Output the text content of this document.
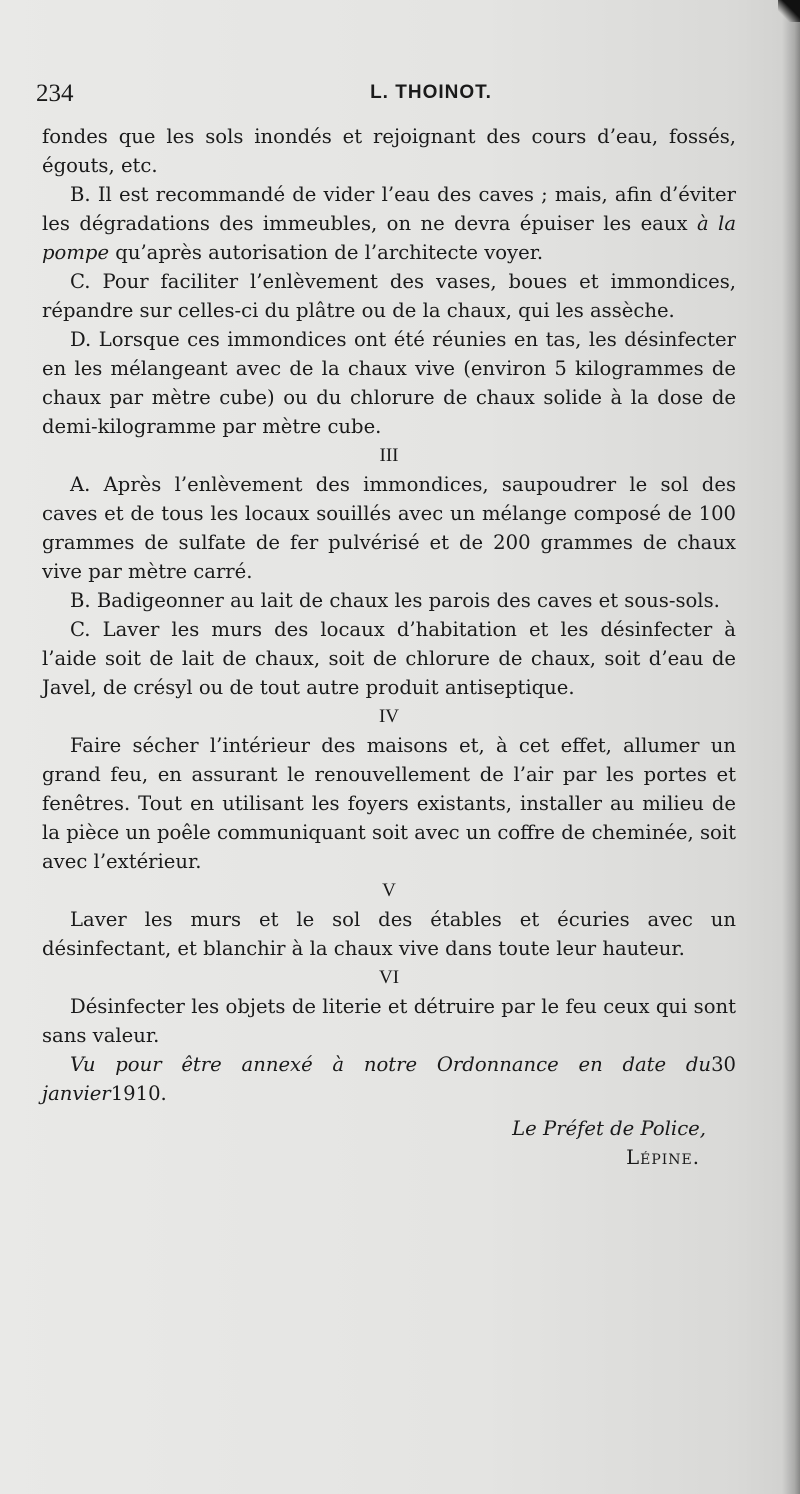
234	L. THOINOT.

fondes que les sols inondés et rejoignant des cours d’eau, fossés, égouts, etc.

B. Il est recommandé de vider l’eau des caves ; mais, afin d’éviter les dégradations des immeubles, on ne devra épuiser les eaux à la pompe qu’après autorisation de l’architecte voyer.

C. Pour faciliter l’enlèvement des vases, boues et immondices, répandre sur celles-ci du plâtre ou de la chaux, qui les assèche.

D. Lorsque ces immondices ont été réunies en tas, les désinfecter en les mélangeant avec de la chaux vive (environ 5 kilogrammes de chaux par mètre cube) ou du chlorure de chaux solide à la dose de demi-kilogramme par mètre cube.

III

A. Après l’enlèvement des immondices, saupoudrer le sol des caves et de tous les locaux souillés avec un mélange composé de 100 grammes de sulfate de fer pulvérisé et de 200 grammes de chaux vive par mètre carré.

B. Badigeonner au lait de chaux les parois des caves et sous-sols.

C. Laver les murs des locaux d’habitation et les désinfecter à l’aide soit de lait de chaux, soit de chlorure de chaux, soit d’eau de Javel, de crésyl ou de tout autre produit antiseptique.

IV

Faire sécher l’intérieur des maisons et, à cet effet, allumer un grand feu, en assurant le renouvellement de l’air par les portes et fenêtres. Tout en utilisant les foyers existants, installer au milieu de la pièce un poêle communiquant soit avec un coffre de cheminée, soit avec l’extérieur.

V

Laver les murs et le sol des étables et écuries avec un désinfectant, et blanchir à la chaux vive dans toute leur hauteur.

VI

Désinfecter les objets de literie et détruire par le feu ceux qui sont sans valeur.

Vu pour être annexé à notre Ordonnance en date du30 janvier1910.

Le Préfet de Police,
Lépine.
